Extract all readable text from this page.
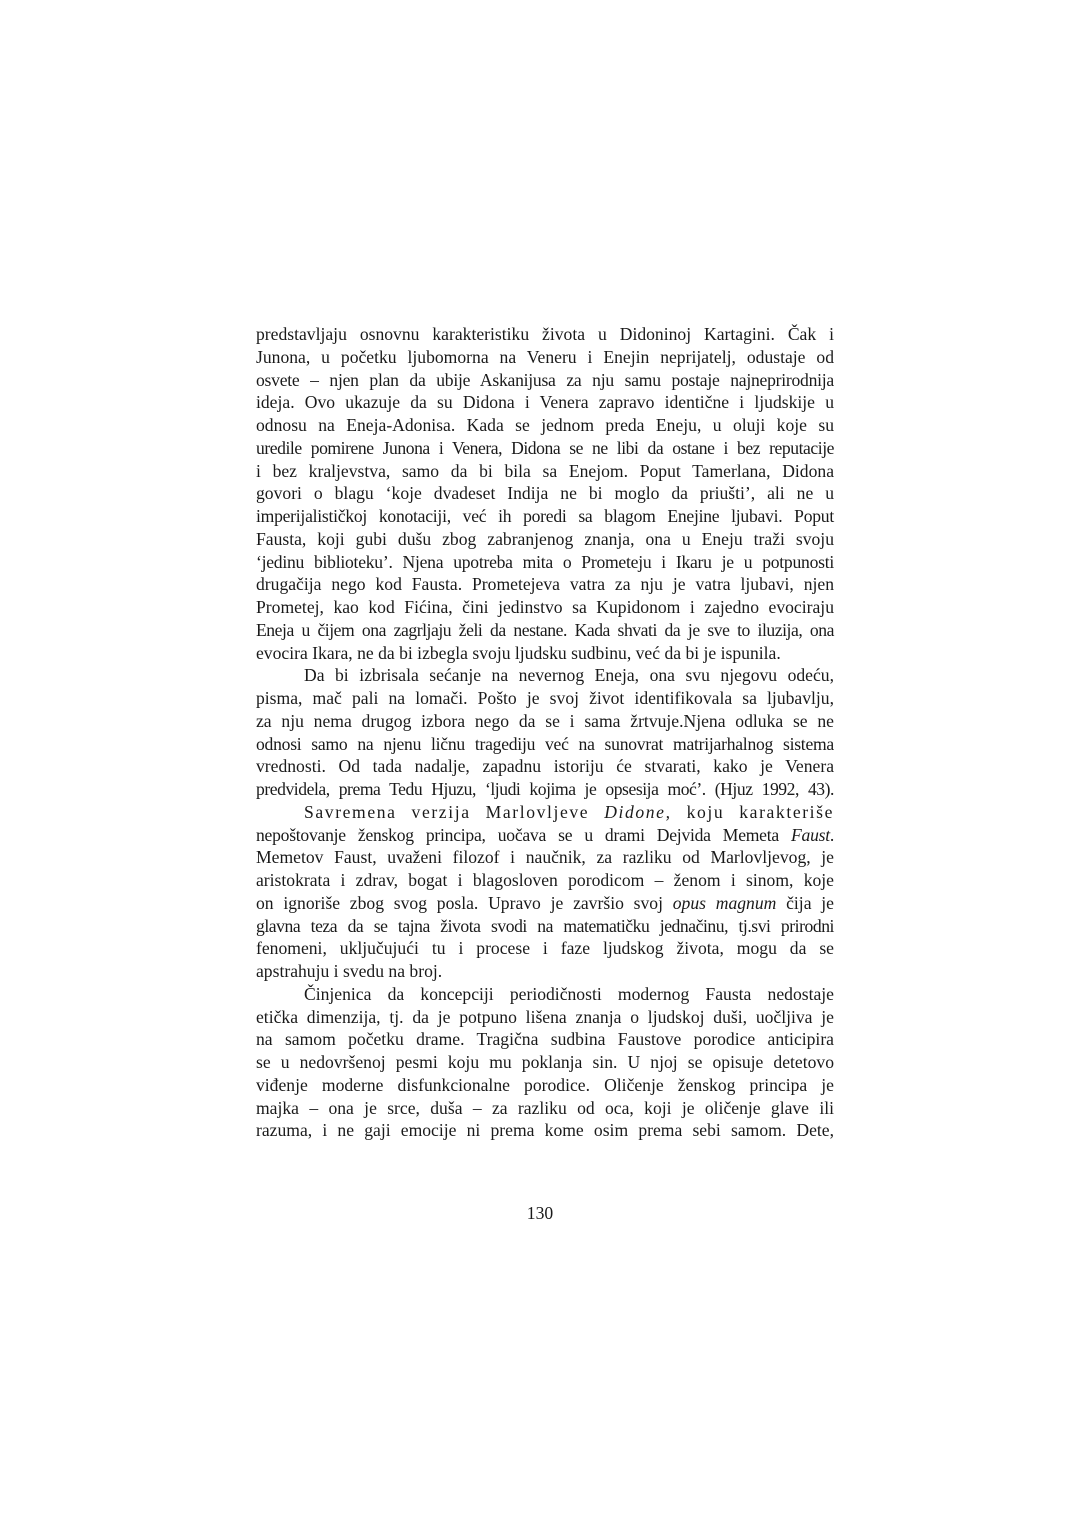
predstavljaju osnovnu karakteristiku života u Didoninoj Kartagini. Čak i
Junona, u početku ljubomorna na Veneru i Enejin neprijatelj, odustaje od
osvete – njen plan da ubije Askanijusa za nju samu postaje najneprirodnija
ideja. Ovo ukazuje da su Didona i Venera zapravo identične i ljudskije u
odnosu na Eneja-Adonisa. Kada se jednom preda Eneju, u oluji koje su
uredile pomirene Junona i Venera, Didona se ne libi da ostane i bez reputacije
i bez kraljevstva, samo da bi bila sa Enejom. Poput Tamerlana, Didona
govori o blagu ‘koje dvadeset Indija ne bi moglo da priušti’, ali ne u
imperijalističkoj konotaciji, već ih poredi sa blagom Enejine ljubavi. Poput
Fausta, koji gubi dušu zbog zabranjenog znanja, ona u Eneju traži svoju
‘jedinu biblioteku’. Njena upotreba mita o Prometeju i Ikaru je u potpunosti
drugačija nego kod Fausta. Prometejeva vatra za nju je vatra ljubavi, njen
Prometej, kao kod Fićina, čini jedinstvo sa Kupidonom i zajedno evociraju
Eneja u čijem ona zagrljaju želi da nestane. Kada shvati da je sve to iluzija, ona
evocira Ikara, ne da bi izbegla svoju ljudsku sudbinu, već da bi je ispunila.
Da bi izbrisala sećanje na nevernog Eneja, ona svu njegovu odeću,
pisma, mač pali na lomači. Pošto je svoj život identifikovala sa ljubavlju,
za nju nema drugog izbora nego da se i sama žrtvuje.Njena odluka se ne
odnosi samo na njenu ličnu tragediju već na sunovrat matrijarhalnog sistema
vrednosti. Od tada nadalje, zapadnu istoriju će stvarati, kako je Venera
predvidela, prema Tedu Hjuzu, ‘ljudi kojima je opsesija moć’. (Hjuz 1992, 43).
Savremena verzija Marlovljeve Didone, koju karakteriše
nepoštovanje ženskog principa, uočava se u drami Dejvida Memeta Faust.
Memetov Faust, uvaženi filozof i naučnik, za razliku od Marlovljevog, je
aristokrata i zdrav, bogat i blagosloven porodicom – ženom i sinom, koje
on ignoriše zbog svog posla. Upravo je završio svoj opus magnum čija je
glavna teza da se tajna života svodi na matematičku jednačinu, tj.svi prirodni
fenomeni, uključujući tu i procese i faze ljudskog života, mogu da se
apstrahuju i svedu na broj.
Činjenica da koncepciji periodičnosti modernog Fausta nedostaje
etička dimenzija, tj. da je potpuno lišena znanja o ljudskoj duši, uočljiva je
na samom početku drame. Tragična sudbina Faustove porodice anticipira
se u nedovršenoj pesmi koju mu poklanja sin. U njoj se opisuje detetovo
viđenje moderne disfunkcionalne porodice. Oličenje ženskog principa je
majka – ona je srce, duša – za razliku od oca, koji je oličenje glave ili
razuma, i ne gaji emocije ni prema kome osim prema sebi samom. Dete,
130
